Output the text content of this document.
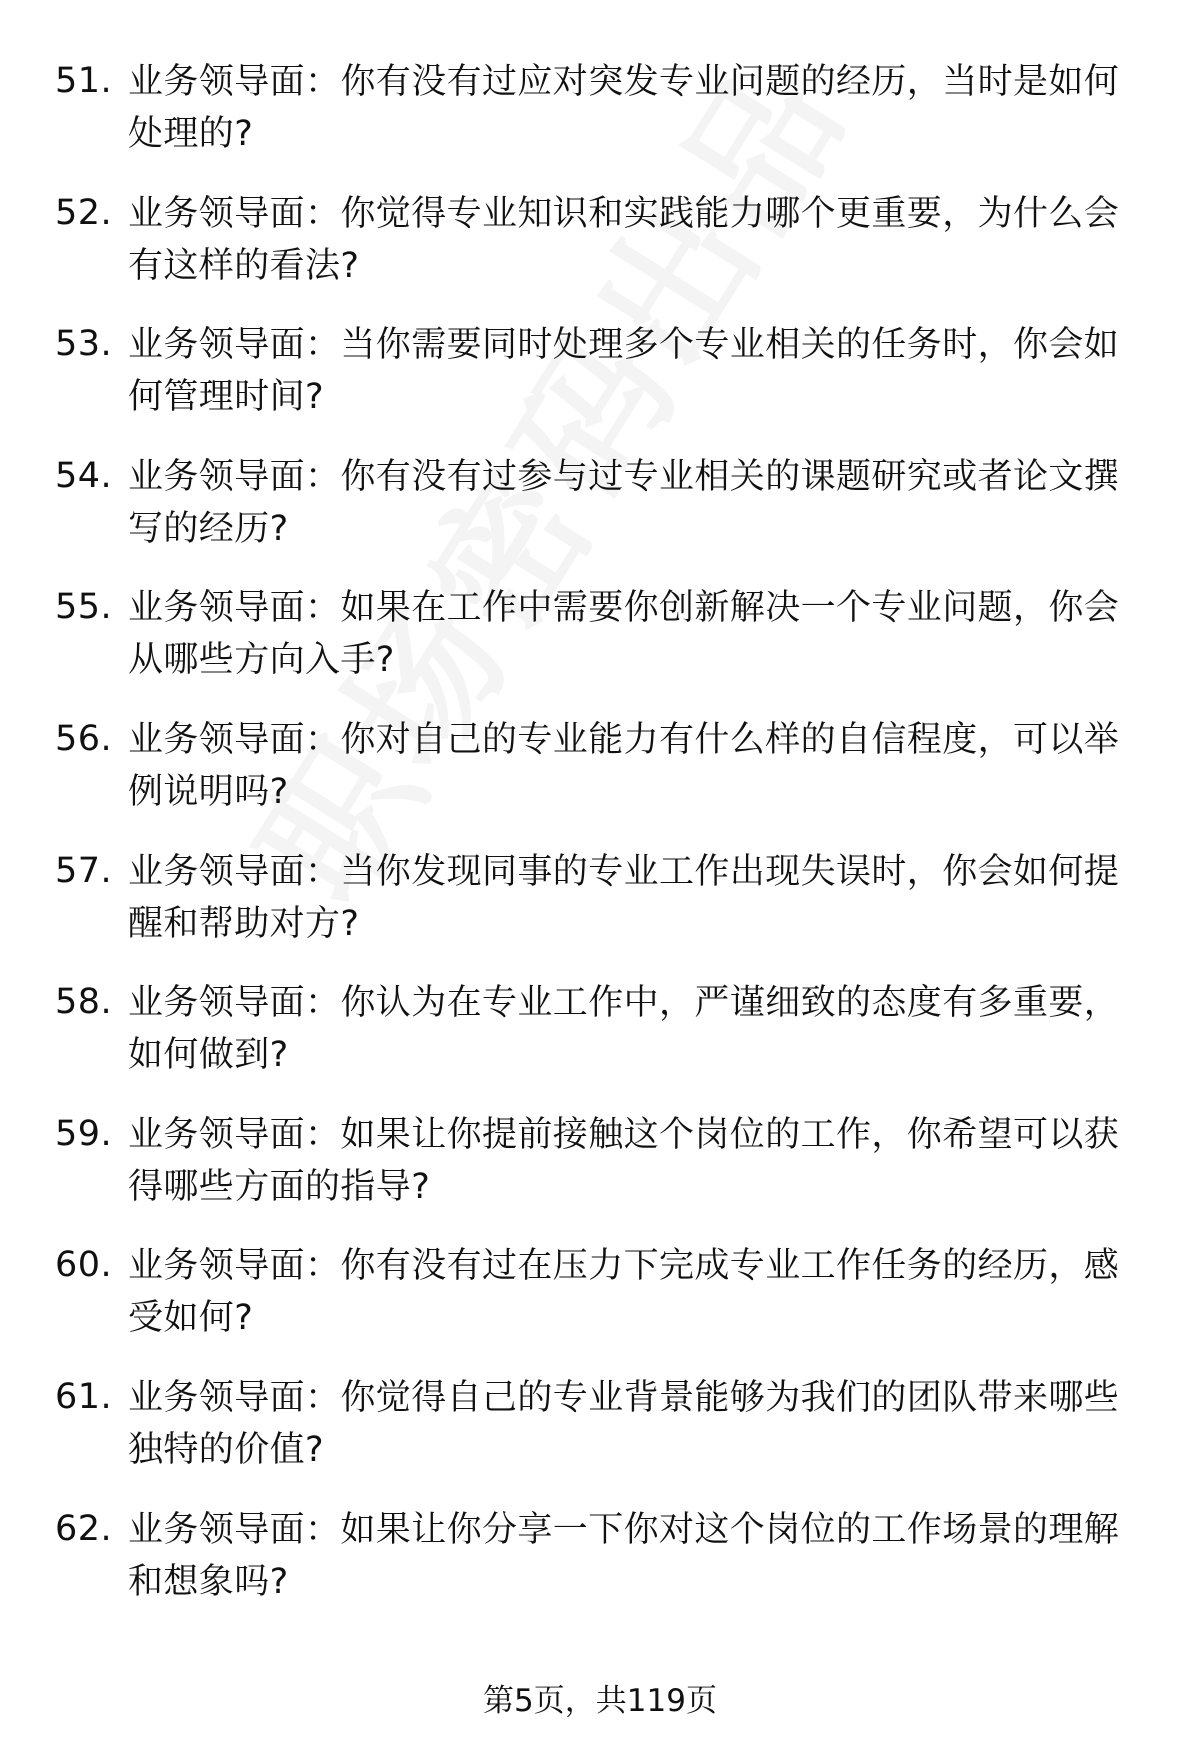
51. 业务领导面：你有没有过应对突发专业问题的经历，当时是如何处理的?
52. 业务领导面：你觉得专业知识和实践能力哪个更重要，为什么会有这样的看法?
53. 业务领导面：当你需要同时处理多个专业相关的任务时，你会如何管理时间?
54. 业务领导面：你有没有过参与过专业相关的课题研究或者论文撰写的经历?
55. 业务领导面：如果在工作中需要你创新解决一个专业问题，你会从哪些方向入手?
56. 业务领导面：你对自己的专业能力有什么样的自信程度，可以举例说明吗?
57. 业务领导面：当你发现同事的专业工作出现失误时，你会如何提醒和帮助对方?
58. 业务领导面：你认为在专业工作中，严谨细致的态度有多重要，如何做到?
59. 业务领导面：如果让你提前接触这个岗位的工作，你希望可以获得哪些方面的指导?
60. 业务领导面：你有没有过在压力下完成专业工作任务的经历，感受如何?
61. 业务领导面：你觉得自己的专业背景能够为我们的团队带来哪些独特的价值?
62. 业务领导面：如果让你分享一下你对这个岗位的工作场景的理解和想象吗?
第5页，共119页
